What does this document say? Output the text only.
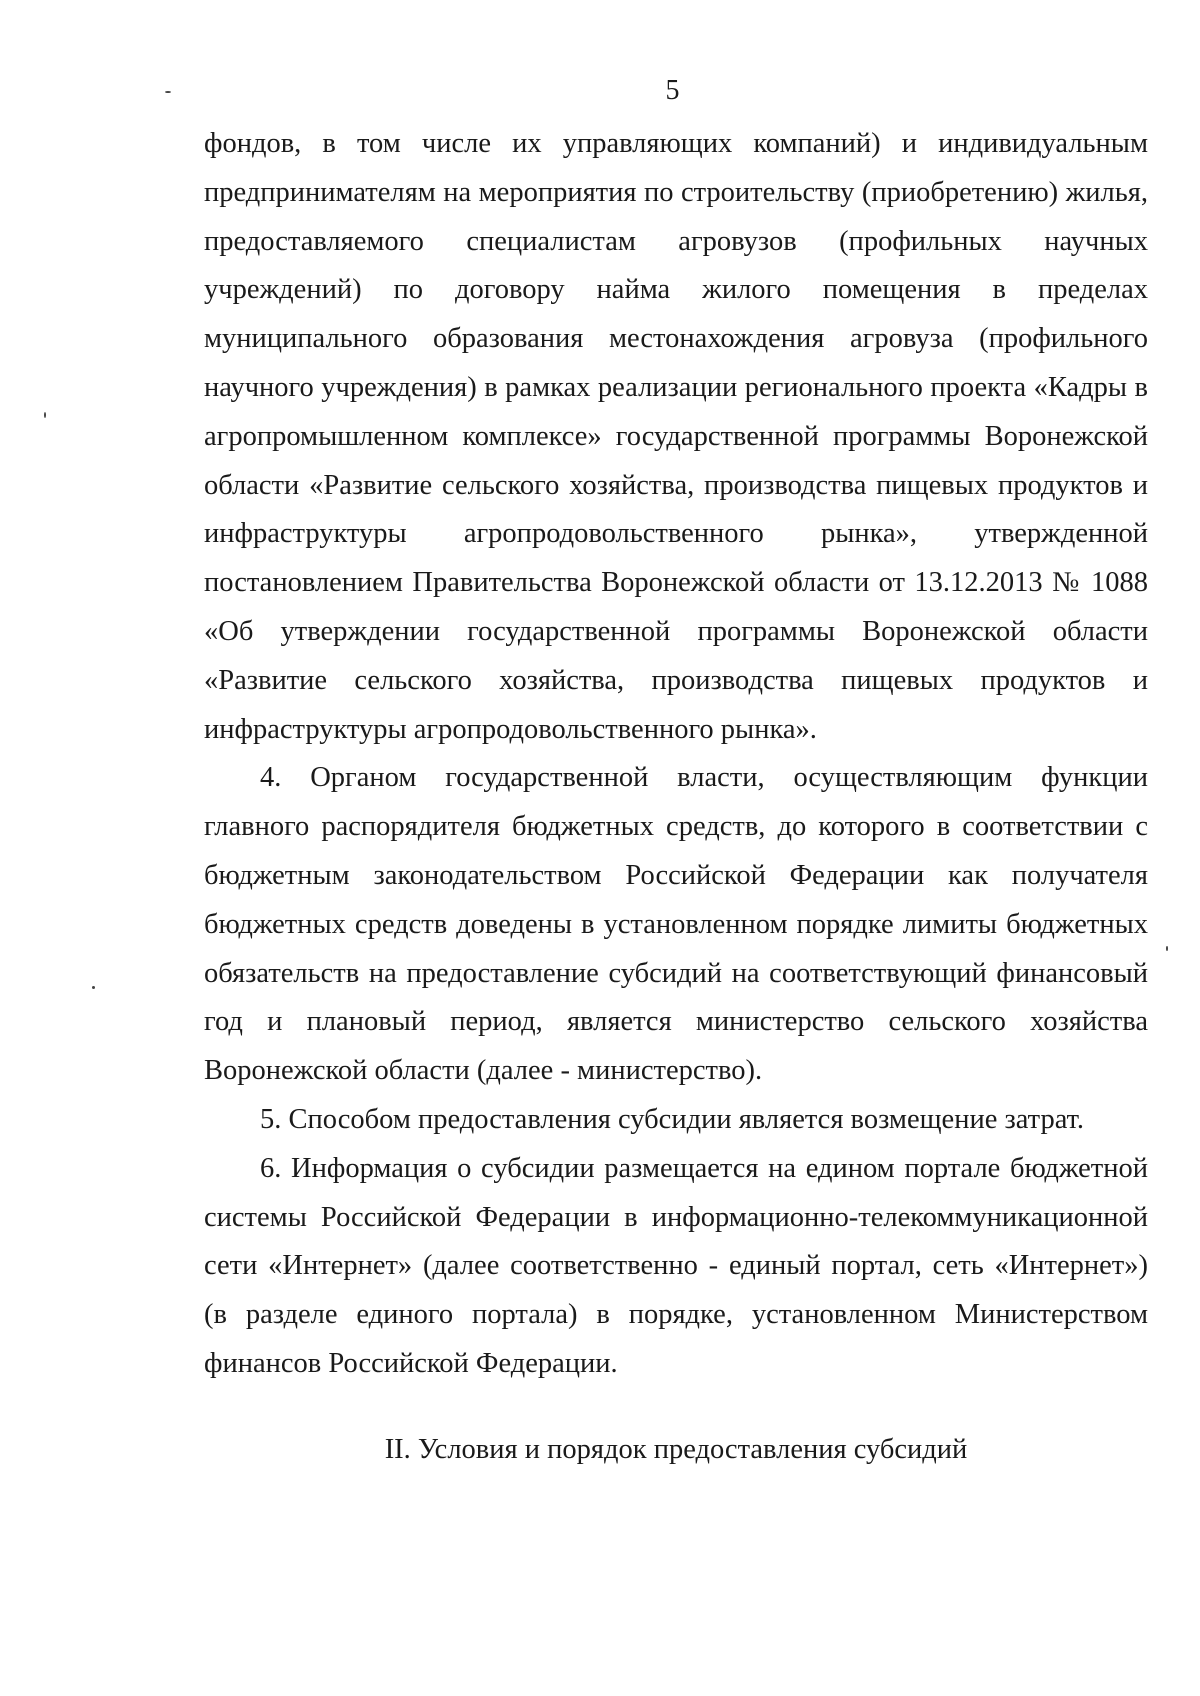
5

фондов, в том числе их управляющих компаний) и индивидуальным предпринимателям на мероприятия по строительству (приобретению) жилья, предоставляемого специалистам агровузов (профильных научных учреждений) по договору найма жилого помещения в пределах муниципального образования местонахождения агровуза (профильного научного учреждения) в рамках реализации регионального проекта «Кадры в агропромышленном комплексе» государственной программы Воронежской области «Развитие сельского хозяйства, производства пищевых продуктов и инфраструктуры агропродовольственного рынка», утвержденной постановлением Правительства Воронежской области от 13.12.2013 № 1088 «Об утверждении государственной программы Воронежской области «Развитие сельского хозяйства, производства пищевых продуктов и инфраструктуры агропродовольственного рынка».

4. Органом государственной власти, осуществляющим функции главного распорядителя бюджетных средств, до которого в соответствии с бюджетным законодательством Российской Федерации как получателя бюджетных средств доведены в установленном порядке лимиты бюджетных обязательств на предоставление субсидий на соответствующий финансовый год и плановый период, является министерство сельского хозяйства Воронежской области (далее - министерство).

5. Способом предоставления субсидии является возмещение затрат.

6. Информация о субсидии размещается на едином портале бюджетной системы Российской Федерации в информационно-телекоммуникационной сети «Интернет» (далее соответственно - единый портал, сеть «Интернет») (в разделе единого портала) в порядке, установленном Министерством финансов Российской Федерации.

II. Условия и порядок предоставления субсидий
